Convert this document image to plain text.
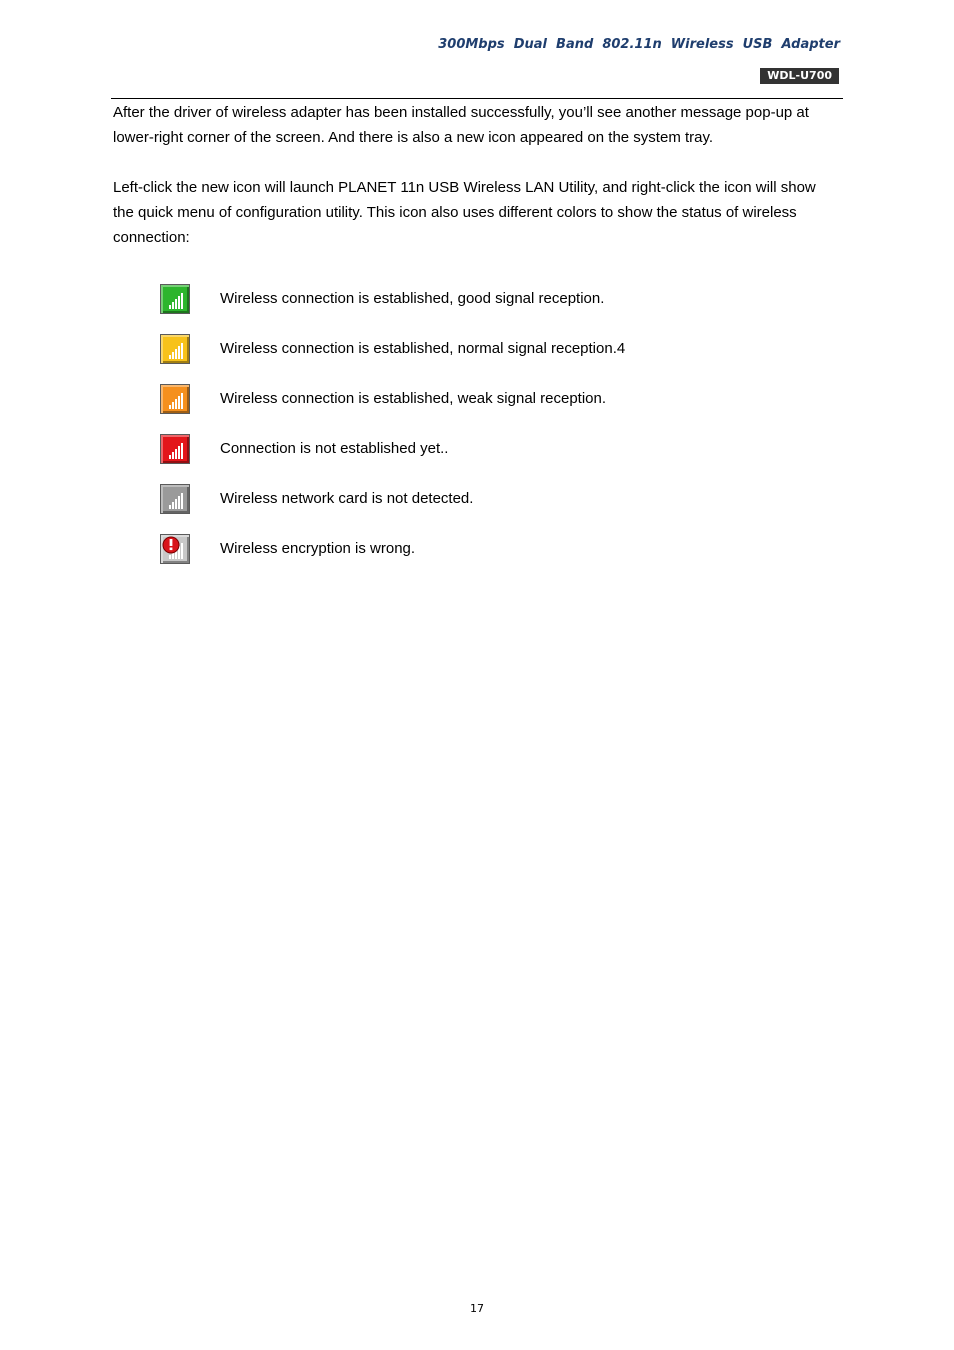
300Mbps  Dual  Band  802.11n  Wireless  USB  Adapter
WDL-U700

After the driver of wireless adapter has been installed successfully, you’ll see another message pop-up at lower-right corner of the screen. And there is also a new icon appeared on the system tray.

Left-click the new icon will launch PLANET 11n USB Wireless LAN Utility, and right-click the icon will show the quick menu of configuration utility. This icon also uses different colors to show the status of wireless connection:

Wireless connection is established, good signal reception.
Wireless connection is established, normal signal reception.4
Wireless connection is established, weak signal reception.
Connection is not established yet..
Wireless network card is not detected.
Wireless encryption is wrong.
17
